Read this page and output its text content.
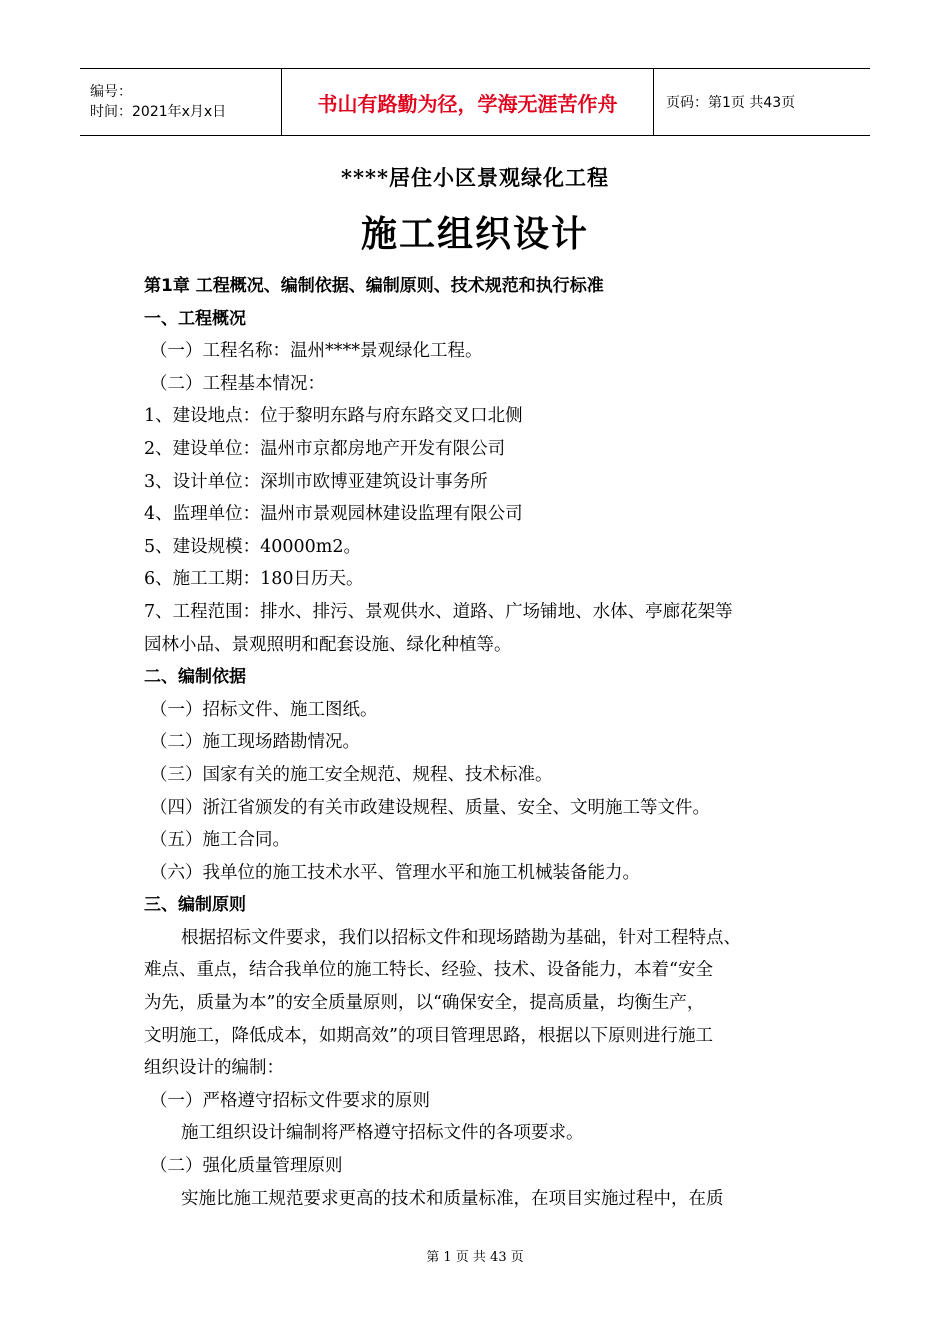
编号：
时间：2021年x月x日	书山有路勤为径，学海无涯苦作舟	页码：第1页 共43页
****居住小区景观绿化工程
施工组织设计
第1章 工程概况、编制依据、编制原则、技术规范和执行标准
一、工程概况
（一）工程名称：温州****景观绿化工程。
（二）工程基本情况：
1、建设地点：位于黎明东路与府东路交叉口北侧
2、建设单位：温州市京都房地产开发有限公司
3、设计单位：深圳市欧博亚建筑设计事务所
4、监理单位：温州市景观园林建设监理有限公司
5、建设规模：40000m2。
6、施工工期：180日历天。
7、工程范围：排水、排污、景观供水、道路、广场铺地、水体、亭廊花架等
园林小品、景观照明和配套设施、绿化种植等。
二、编制依据
（一）招标文件、施工图纸。
（二）施工现场踏勘情况。
（三）国家有关的施工安全规范、规程、技术标准。
（四）浙江省颁发的有关市政建设规程、质量、安全、文明施工等文件。
（五）施工合同。
（六）我单位的施工技术水平、管理水平和施工机械装备能力。
三、编制原则
根据招标文件要求，我们以招标文件和现场踏勘为基础，针对工程特点、
难点、重点，结合我单位的施工特长、经验、技术、设备能力，本着“安全
为先，质量为本”的安全质量原则，以“确保安全，提高质量，均衡生产，
文明施工，降低成本，如期高效”的项目管理思路，根据以下原则进行施工
组织设计的编制：
（一）严格遵守招标文件要求的原则
施工组织设计编制将严格遵守招标文件的各项要求。
（二）强化质量管理原则
实施比施工规范要求更高的技术和质量标准，在项目实施过程中，在质
第 1 页 共 43 页
